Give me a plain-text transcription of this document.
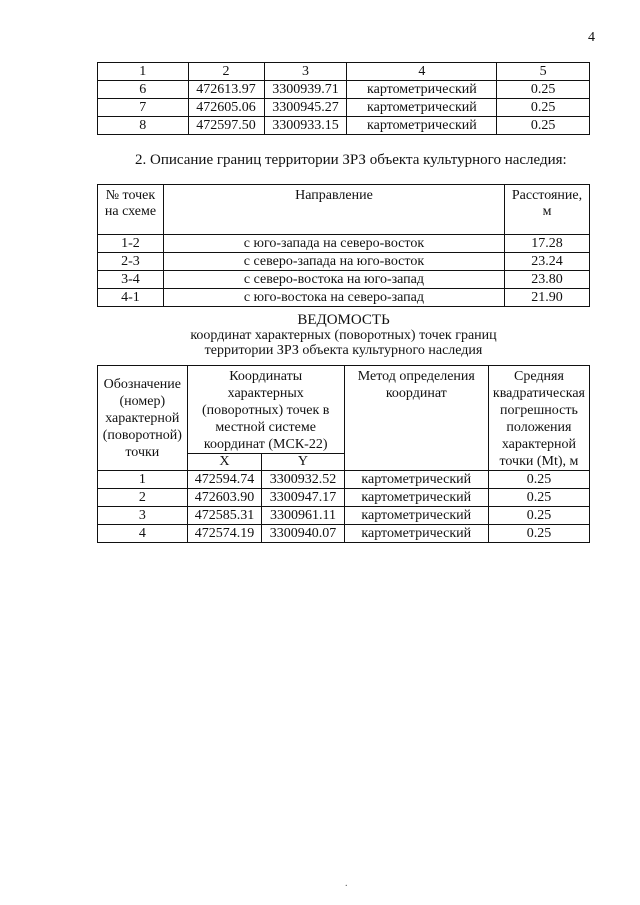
4
1	2	3	4	5
6	472613.97	3300939.71	картометрический	0.25
7	472605.06	3300945.27	картометрический	0.25
8	472597.50	3300933.15	картометрический	0.25
2. Описание границ территории ЗРЗ объекта культурного наследия:
№ точек на схеме	Направление	Расстояние, м
1-2	с юго-запада на северо-восток	17.28
2-3	с северо-запада на юго-восток	23.24
3-4	с северо-востока на юго-запад	23.80
4-1	с юго-востока на северо-запад	21.90
ВЕДОМОСТЬ
координат характерных (поворотных) точек границ
территории ЗРЗ объекта культурного наследия
Обозначение (номер) характерной (поворотной) точки	Координаты характерных (поворотных) точек в местной системе координат (МСК-22)		Метод определения координат	Средняя квадратическая погрешность положения характерной точки (Mt), м
	X	Y		
1	472594.74	3300932.52	картометрический	0.25
2	472603.90	3300947.17	картометрический	0.25
3	472585.31	3300961.11	картометрический	0.25
4	472574.19	3300940.07	картометрический	0.25
.
